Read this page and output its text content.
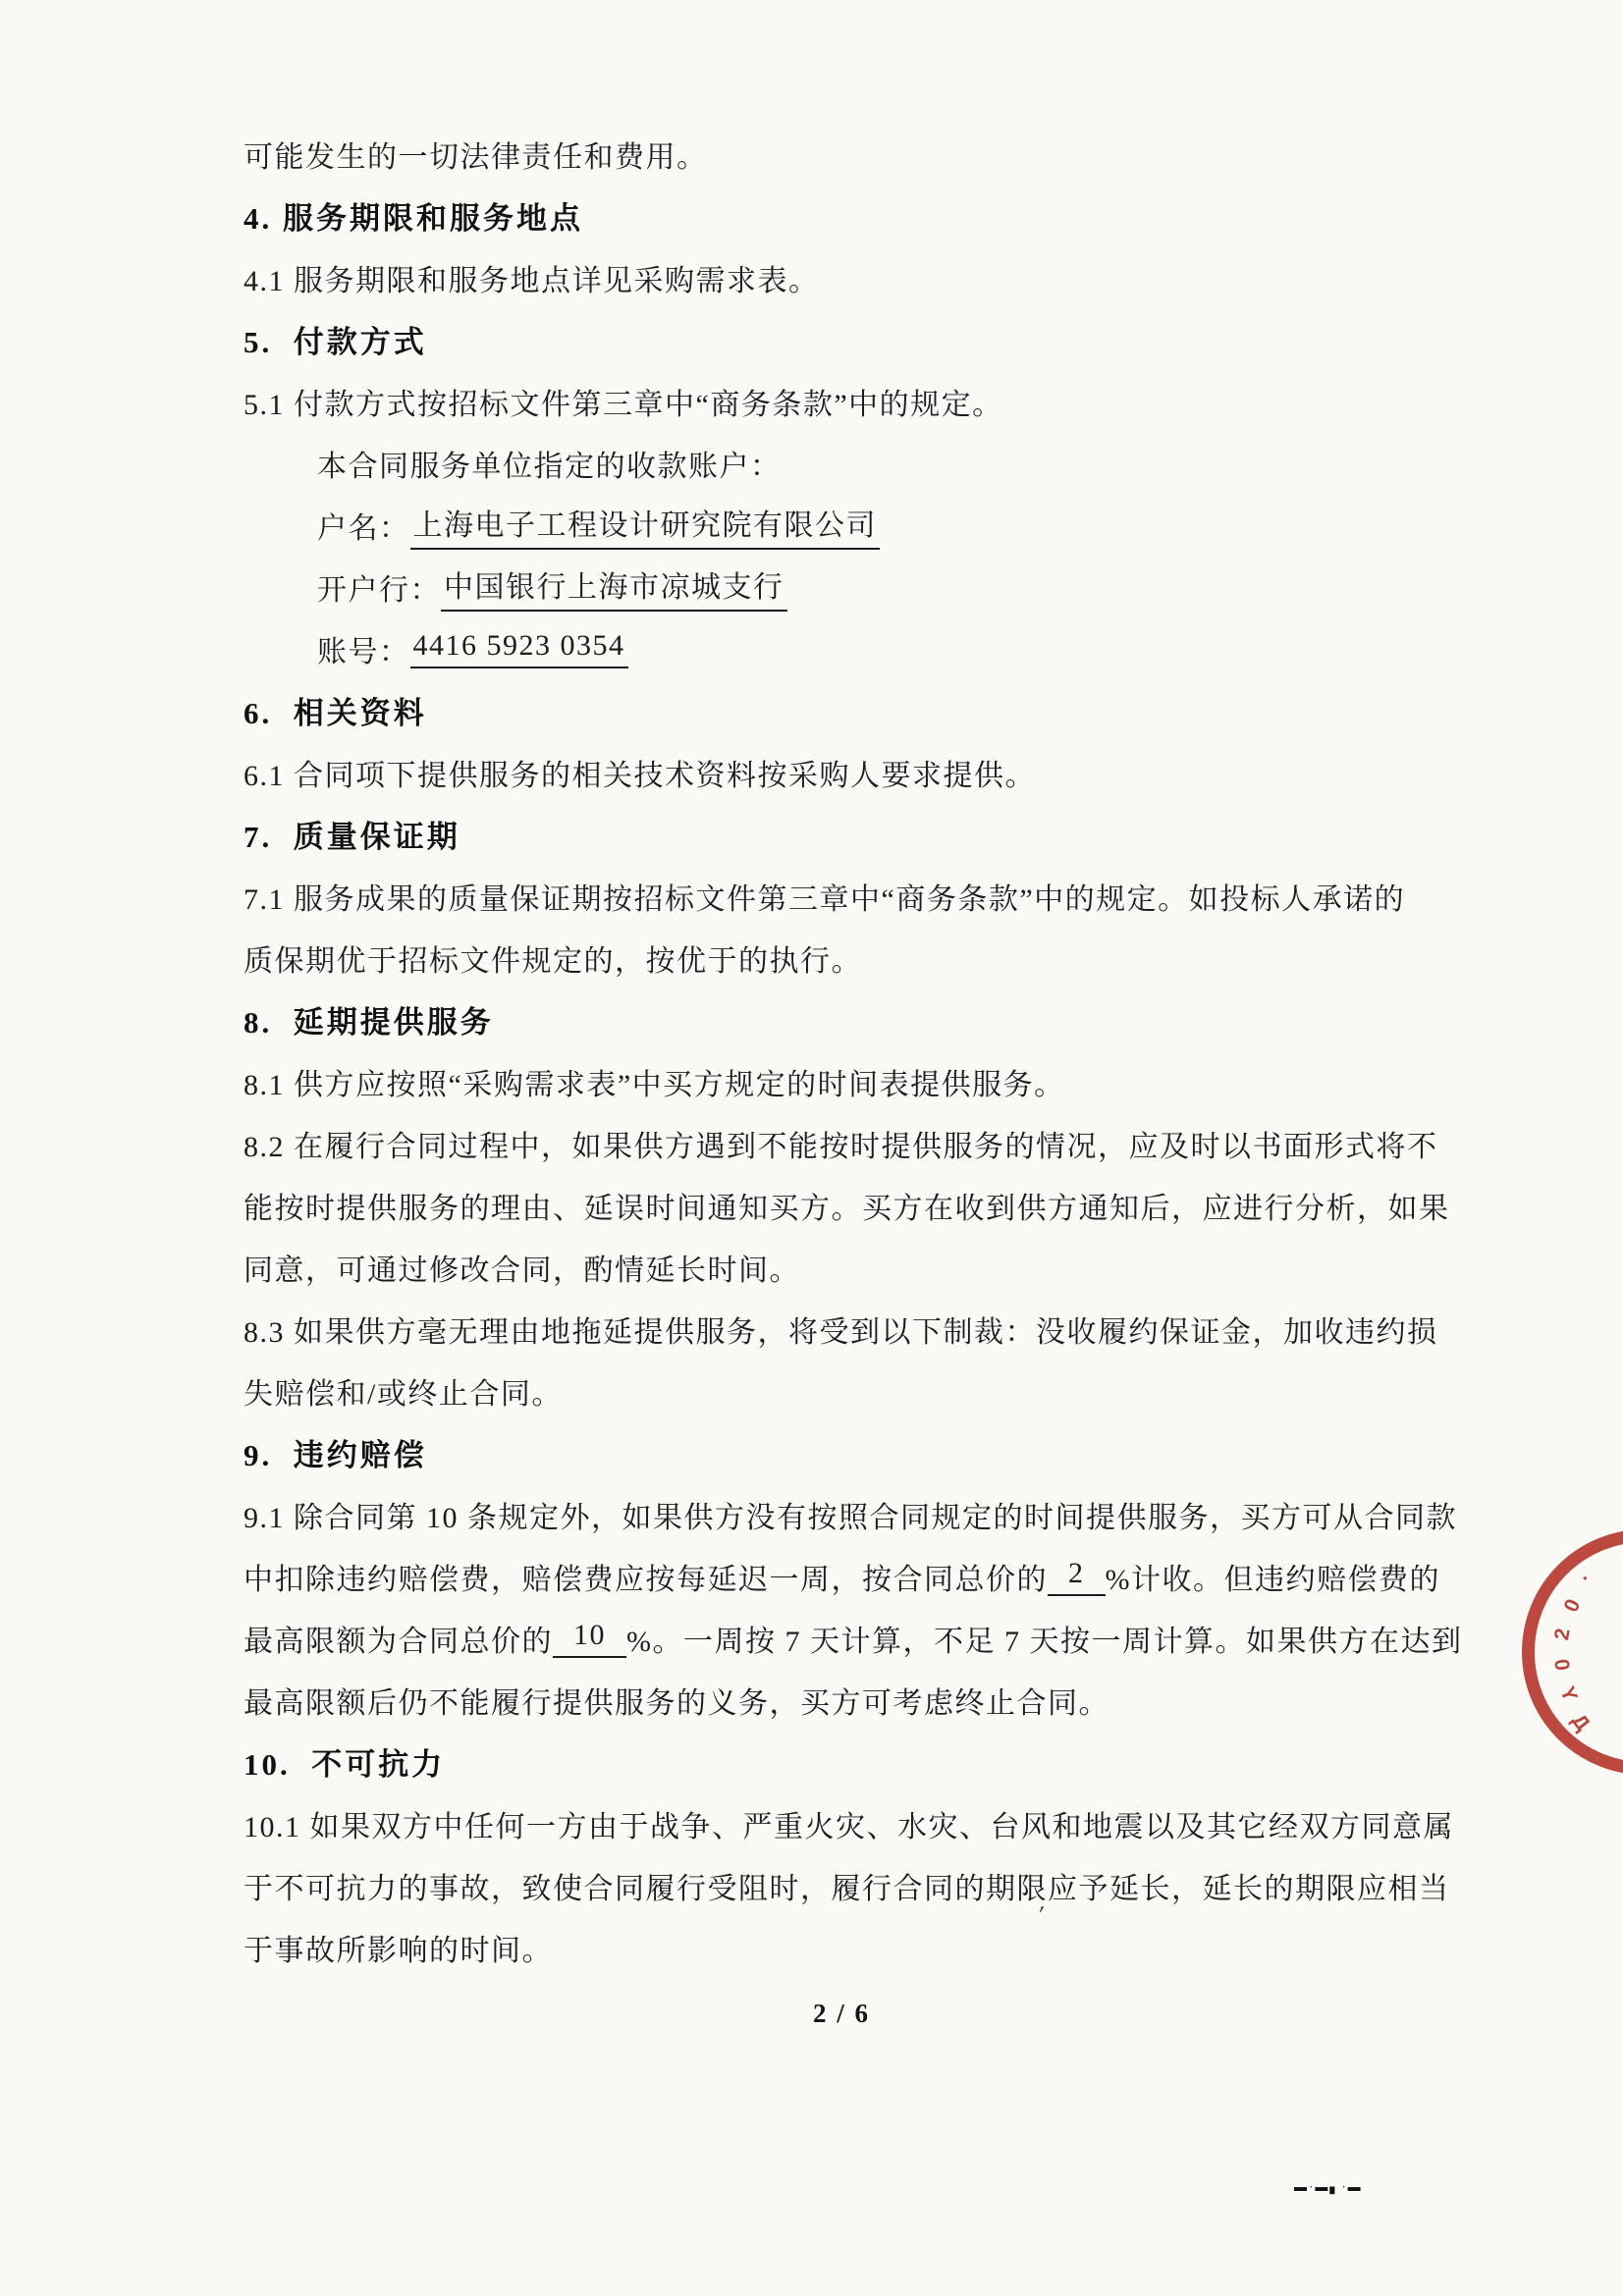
可能发生的一切法律责任和费用。
4. 服务期限和服务地点
4.1 服务期限和服务地点详见采购需求表。
5.  付款方式
5.1 付款方式按招标文件第三章中“商务条款”中的规定。
本合同服务单位指定的收款账户：
户名： 上海电子工程设计研究院有限公司
开户行： 中国银行上海市凉城支行
账号： 4416 5923 0354
6.  相关资料
6.1 合同项下提供服务的相关技术资料按采购人要求提供。
7.  质量保证期
7.1 服务成果的质量保证期按招标文件第三章中“商务条款”中的规定。如投标人承诺的
质保期优于招标文件规定的，按优于的执行。
8.  延期提供服务
8.1 供方应按照“采购需求表”中买方规定的时间表提供服务。
8.2 在履行合同过程中，如果供方遇到不能按时提供服务的情况，应及时以书面形式将不
能按时提供服务的理由、延误时间通知买方。买方在收到供方通知后，应进行分析，如果
同意，可通过修改合同，酌情延长时间。
8.3 如果供方毫无理由地拖延提供服务，将受到以下制裁：没收履约保证金，加收违约损
失赔偿和/或终止合同。
9.  违约赔偿
9.1 除合同第 10 条规定外，如果供方没有按照合同规定的时间提供服务，买方可从合同款
中扣除违约赔偿费，赔偿费应按每延迟一周，按合同总价的 2 %计收。但违约赔偿费的
最高限额为合同总价的 10 %。一周按 7 天计算，不足 7 天按一周计算。如果供方在达到
最高限额后仍不能履行提供服务的义务，买方可考虑终止合同。
10.  不可抗力
10.1 如果双方中任何一方由于战争、严重火灾、水灾、台风和地震以及其它经双方同意属
于不可抗力的事故，致使合同履行受阻时，履行合同的期限应予延长，延长的期限应相当
于事故所影响的时间。
2 / 6
·
0
2
0
Y
Д
′
▬·▬▖·▬
